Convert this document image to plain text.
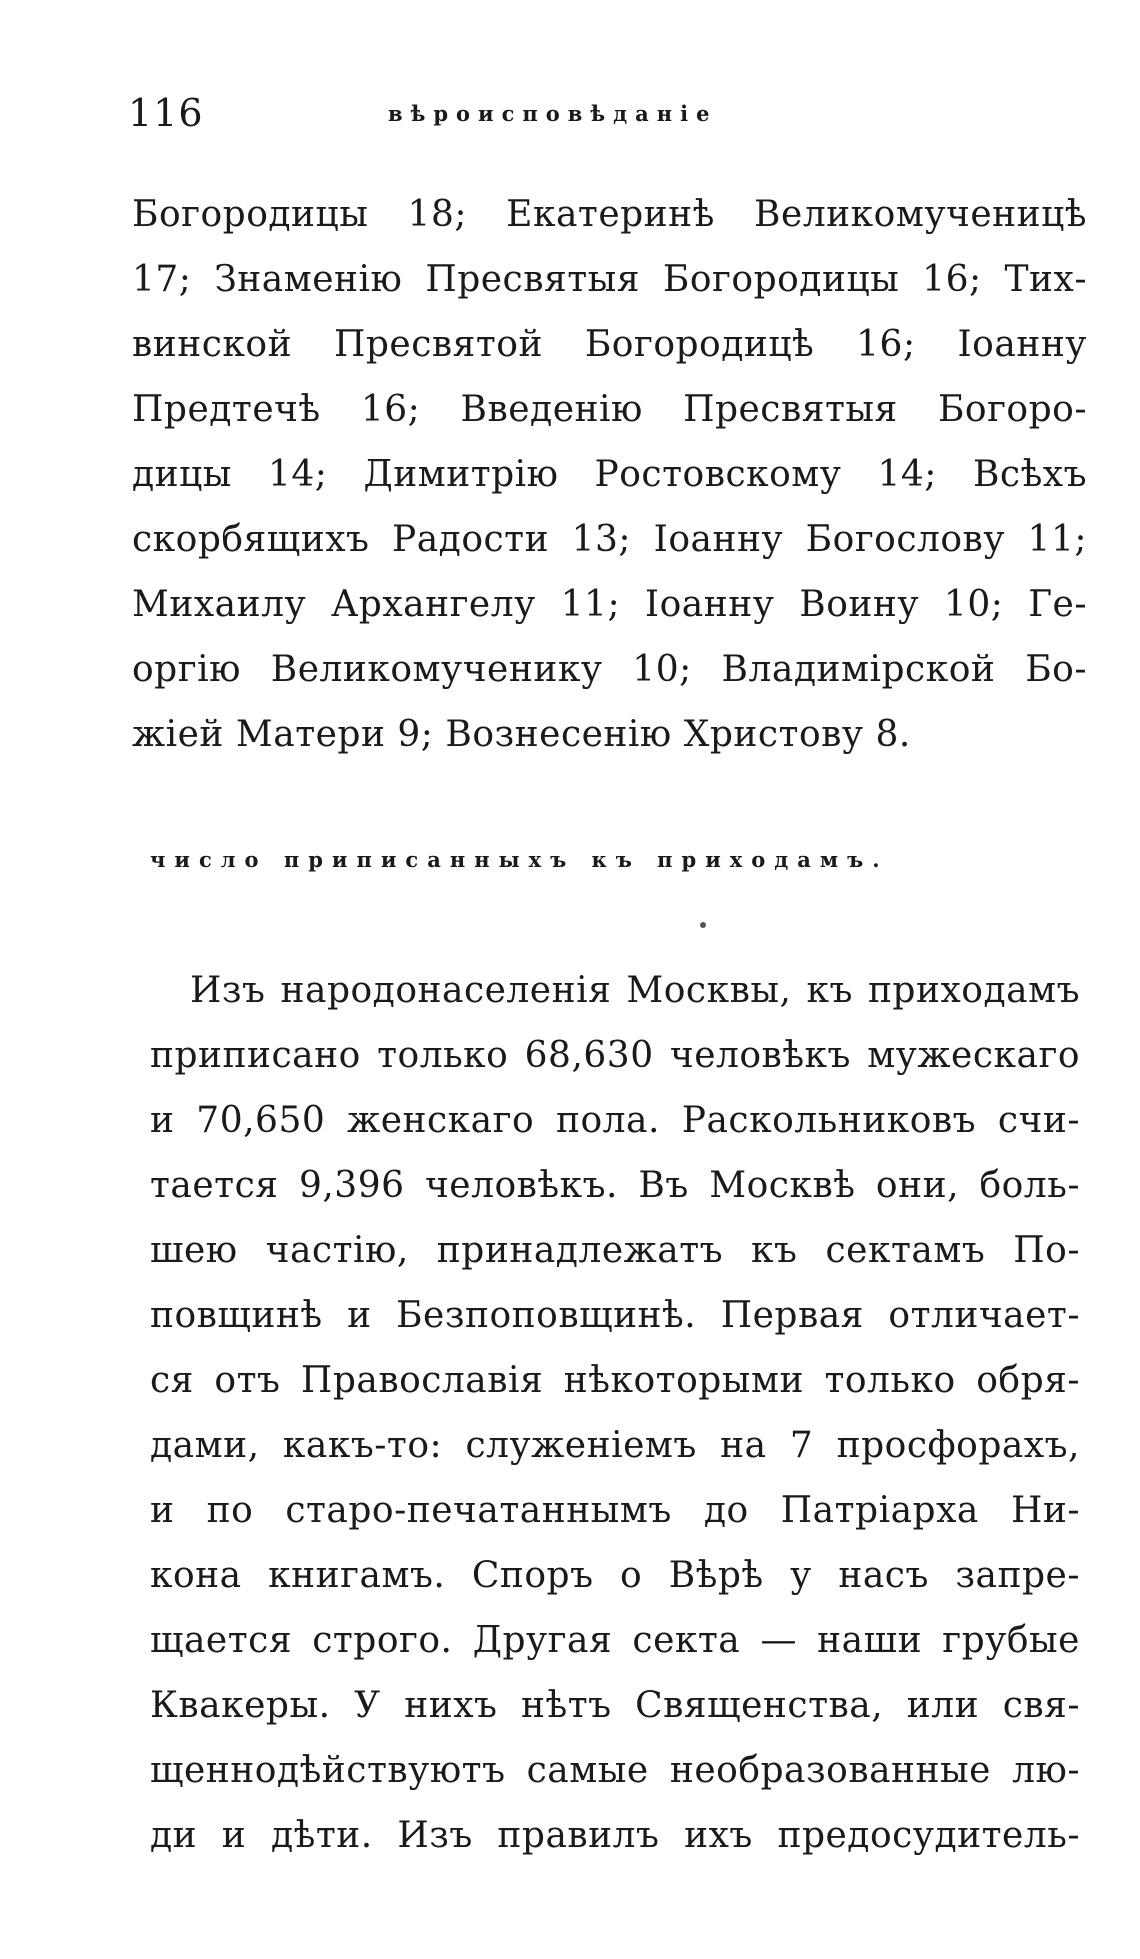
116	вѣроисповѣданіе
Богородицы 18; Екатеринѣ Великомученицѣ
17; Знаменію Пресвятыя Богородицы 16; Тих-
винской Пресвятой Богородицѣ 16; Іоанну
Предтечѣ 16; Введенію Пресвятыя Богоро-
дицы 14; Димитрію Ростовскому 14; Всѣхъ
скорбящихъ Радости 13; Іоанну Богослову 11;
Михаилу Архангелу 11; Іоанну Воину 10; Ге-
оргію Великомученику 10; Владимірской Бо-
жіей Матери 9; Вознесенію Христову 8.
число приписанныхъ къ приходамъ.
Изъ народонаселенія Москвы, къ приходамъ
приписано только 68,630 человѣкъ мужескаго
и 70,650 женскаго пола. Раскольниковъ счи-
тается 9,396 человѣкъ. Въ Москвѣ они, боль-
шею частію, принадлежатъ къ сектамъ По-
повщинѣ и Безпоповщинѣ. Первая отличает-
ся отъ Православія нѣкоторыми только обря-
дами, какъ-то: служеніемъ на 7 просфорахъ,
и по старо-печатаннымъ до Патріарха Ни-
кона книгамъ. Споръ о Вѣрѣ у насъ запре-
щается строго. Другая секта — наши грубые
Квакеры. У нихъ нѣтъ Священства, или свя-
щеннодѣйствуютъ самые необразованные лю-
ди и дѣти. Изъ правилъ ихъ предосудитель-
